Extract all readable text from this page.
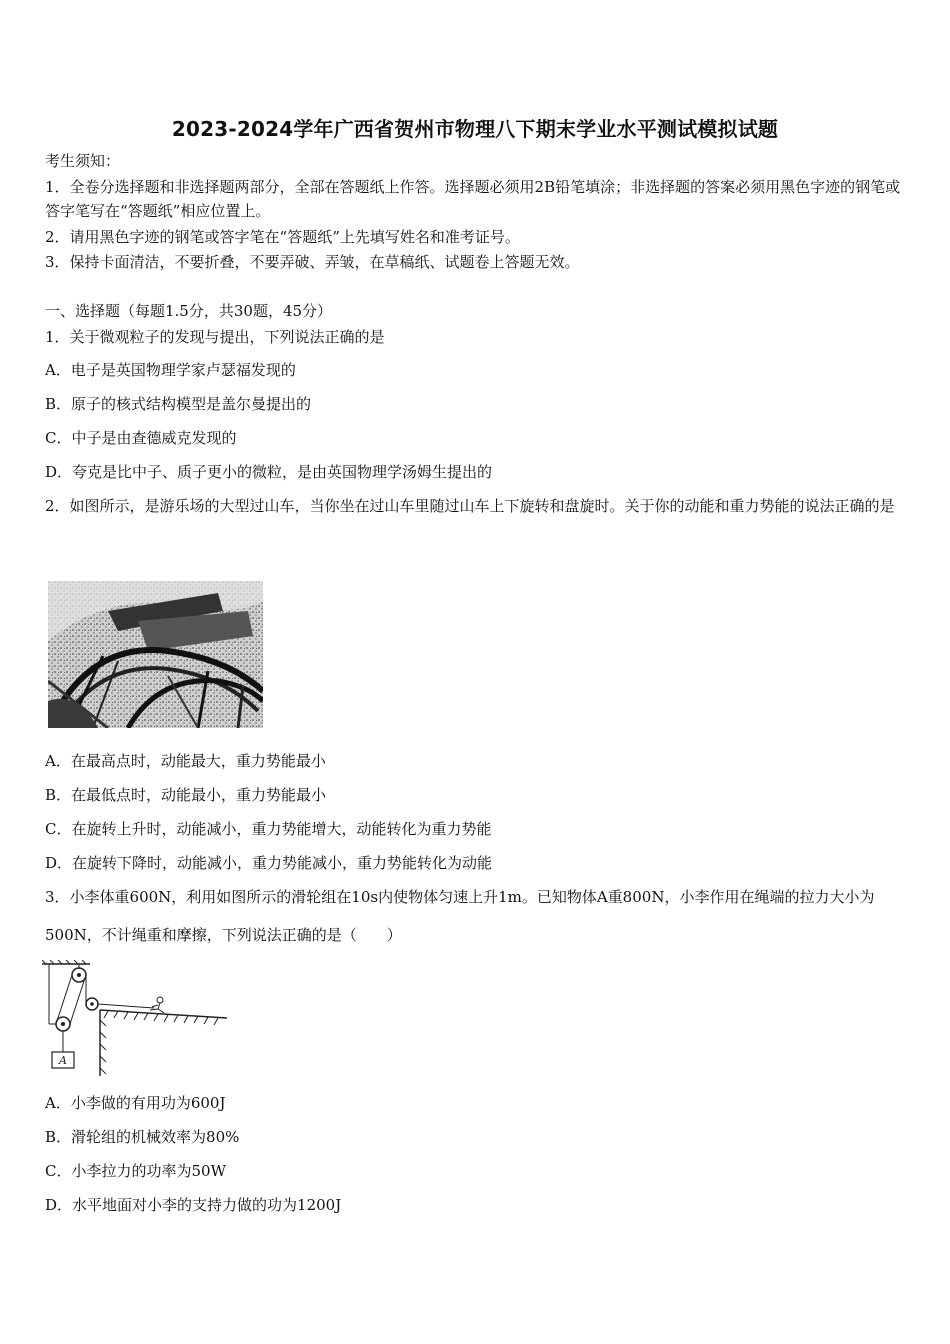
2023-2024学年广西省贺州市物理八下期末学业水平测试模拟试题
考生须知：
1．全卷分选择题和非选择题两部分，全部在答题纸上作答。选择题必须用2B铅笔填涂；非选择题的答案必须用黑色字迹的钢笔或答字笔写在“答题纸”相应位置上。
2．请用黑色字迹的钢笔或答字笔在“答题纸”上先填写姓名和准考证号。
3．保持卡面清洁，不要折叠，不要弄破、弄皱，在草稿纸、试题卷上答题无效。
一、选择题（每题1.5分，共30题，45分）
1．关于微观粒子的发现与提出，下列说法正确的是
A．电子是英国物理学家卢瑟福发现的
B．原子的核式结构模型是盖尔曼提出的
C．中子是由查德威克发现的
D．夸克是比中子、质子更小的微粒，是由英国物理学汤姆生提出的
2．如图所示，是游乐场的大型过山车，当你坐在过山车里随过山车上下旋转和盘旋时。关于你的动能和重力势能的说法正确的是
A．在最高点时，动能最大，重力势能最小
B．在最低点时，动能最小，重力势能最小
C．在旋转上升时，动能减小，重力势能增大，动能转化为重力势能
D．在旋转下降时，动能减小，重力势能减小，重力势能转化为动能
3．小李体重600N，利用如图所示的滑轮组在10s内使物体匀速上升1m。已知物体A重800N，小李作用在绳端的拉力大小为500N，不计绳重和摩擦，下列说法正确的是（　　）
A
A．小李做的有用功为600J
B．滑轮组的机械效率为80%
C．小李拉力的功率为50W
D．水平地面对小李的支持力做的功为1200J
